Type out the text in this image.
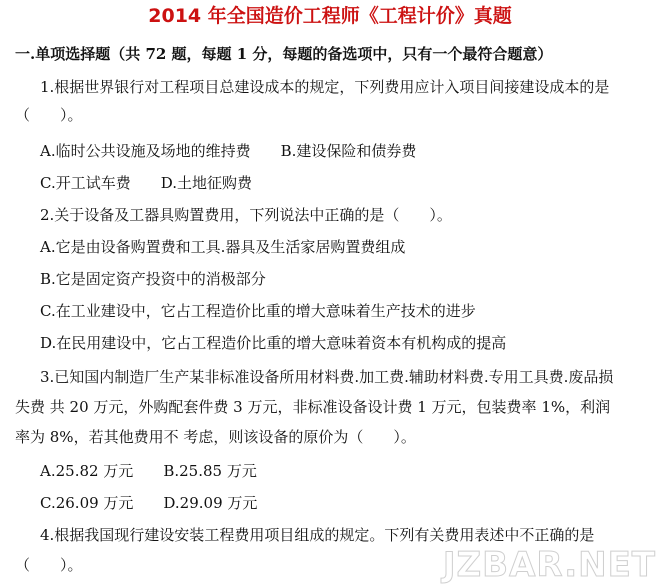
2014 年全国造价工程师《工程计价》真题
一.单项选择题（共 72 题，每题 1 分，每题的备选项中，只有一个最符合题意）
1.根据世界银行对工程项目总建设成本的规定，下列费用应计入项目间接建设成本的是
（　　）。
A.临时公共设施及场地的维持费 B.建设保险和债券费
C.开工试车费 D.土地征购费
2.关于设备及工器具购置费用，下列说法中正确的是（　　）。
A.它是由设备购置费和工具.器具及生活家居购置费组成
B.它是固定资产投资中的消极部分
C.在工业建设中，它占工程造价比重的增大意味着生产技术的进步
D.在民用建设中，它占工程造价比重的增大意味着资本有机构成的提高
3.已知国内制造厂生产某非标准设备所用材料费.加工费.辅助材料费.专用工具费.废品损
失费 共 20 万元，外购配套件费 3 万元，非标准设备设计费 1 万元，包装费率 1%，利润
率为 8%，若其他费用不 考虑，则该设备的原价为（　　）。
A.25.82 万元 B.25.85 万元
C.26.09 万元 D.29.09 万元
4.根据我国现行建设安装工程费用项目组成的规定。下列有关费用表述中不正确的是
（　　）。	JZBAR.NET
